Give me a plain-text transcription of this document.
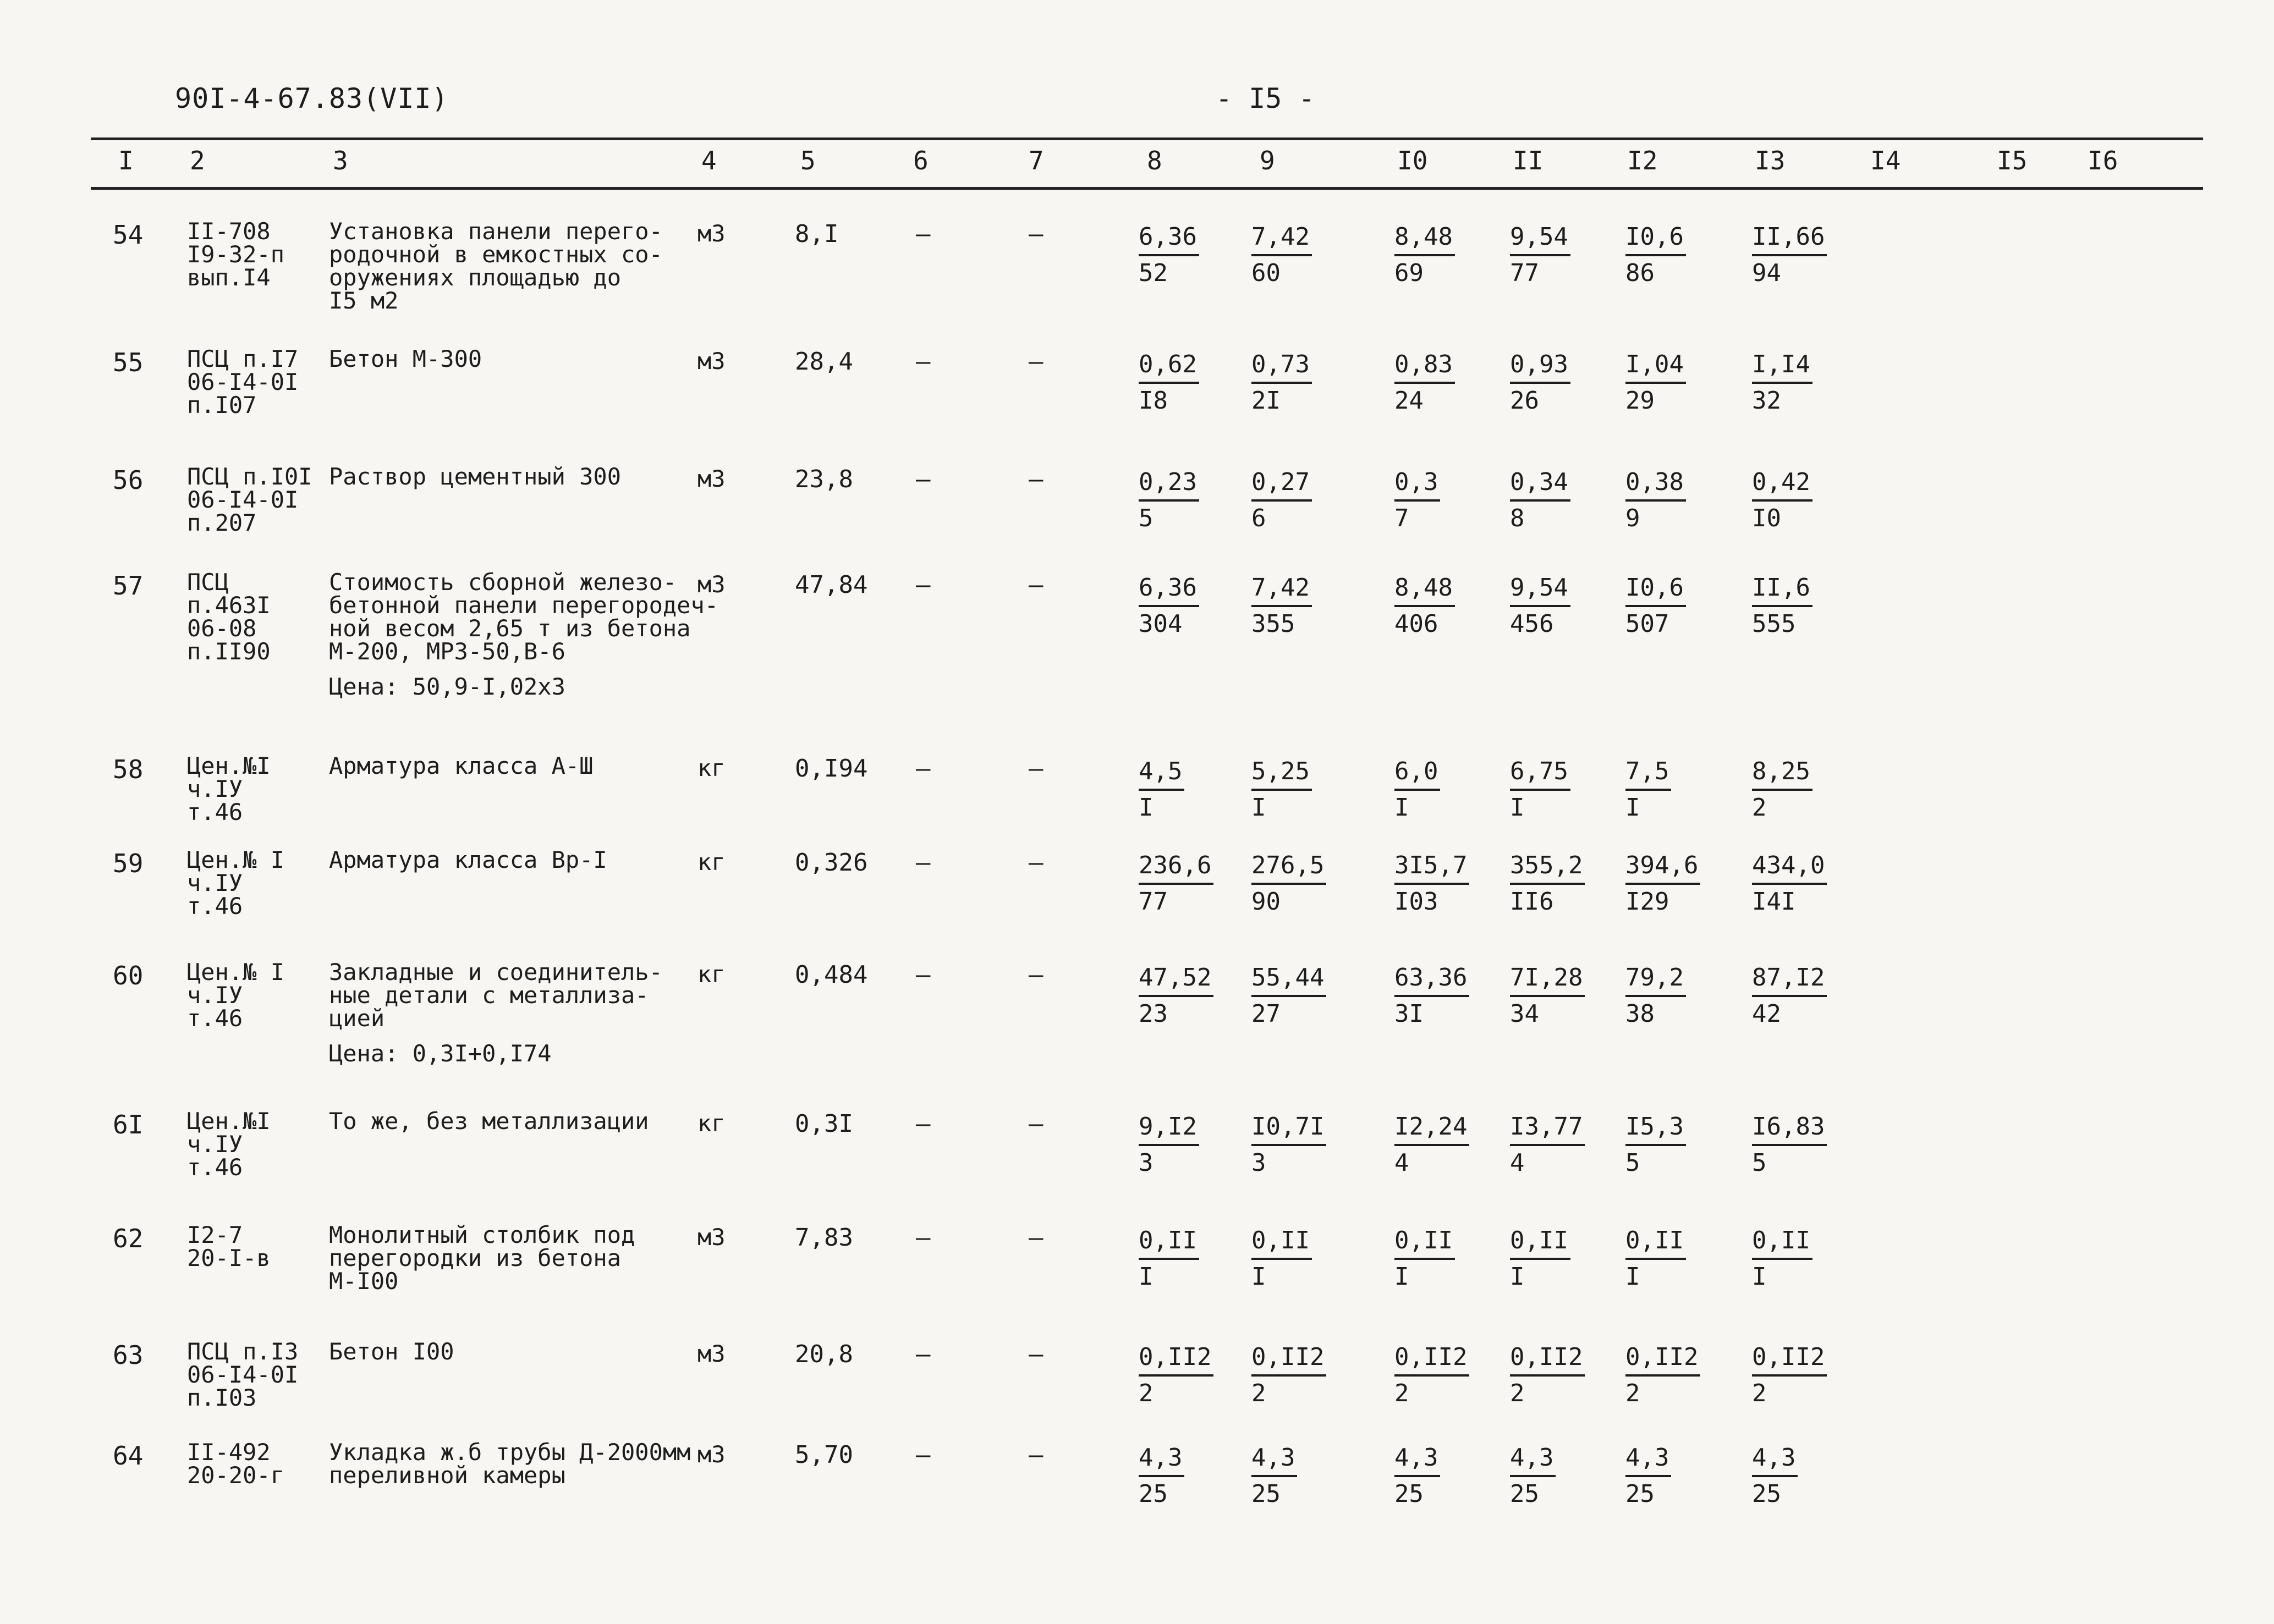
90I-4-67.83(VII)	- I5 -
I 2	3	4	5	6	7	8	9	I0	II	I2	I3	I4	I5 I6
54 II-708
I9-32-п
вып.I4
Установка панели перего-
родочной в емкостных со-
оружениях площадью до
I5 м2
м3	8,I	–	–	$\frac{6,36}{52} \frac{7,42}{60}$	$\frac{8,48}{69} \frac{9,54}{77} \frac{I0,6}{86}$	$\frac{II,66}{94}$
55 ПСЦ п.I7
06-I4-0I
п.I07
Бетон М-300	м3	28,4	–	–	$\frac{0,62}{I8} \frac{0,73}{2I}$	$\frac{0,83}{24} \frac{0,93}{26} \frac{I,04}{29}$	$\frac{I,I4}{32}$
56 ПСЦ п.I0I
06-I4-0I
п.207
Раствор цементный 300	м3	23,8	–	–	$\frac{0,23}{5} \frac{0,27}{6}$	$\frac{0,3}{7}$	$\frac{0,34}{8} \frac{0,38}{9}$	$\frac{0,42}{I0}$
57 ПСЦ
п.463I
06-08
п.II90
Стоимость сборной железо-
бетонной панели перегородеч-
ной весом 2,65 т из бетона
М-200, МРЗ-50,В-6
Цена: 50,9-I,02х3
м3	47,84 –	–	$\frac{6,36}{304} \frac{7,42}{355}$	$\frac{8,48}{406} \frac{9,54}{456} \frac{I0,6}{507}$	$\frac{II,6}{555}$
58 Цен.№I
ч.IУ
т.46
Арматура класса А-Ш	кг	0,I94 –	–	$\frac{4,5}{I}$	$\frac{5,25}{I}$	$\frac{6,0}{I}$	$\frac{6,75}{I} \frac{7,5}{I}$	$\frac{8,25}{2}$
59 Цен.№ I
ч.IУ
т.46
Арматура класса Вр-I	кг	0,326 –	–	$\frac{236,6}{77} \frac{276,5}{90}$	$\frac{3I5,7}{I03} \frac{355,2}{II6} \frac{394,6}{I29} \frac{434,0}{I4I}$
60 Цен.№ I
ч.IУ
т.46
Закладные и соединитель-
ные детали с металлиза-
цией
Цена: 0,3I+0,I74
кг	0,484 –	–	$\frac{47,52}{23} \frac{55,44}{27}$	$\frac{63,36}{3I} \frac{7I,28}{34} \frac{79,2}{38}$	$\frac{87,I2}{42}$
6I Цен.№I
ч.IУ
т.46
То же, без металлизации	кг	0,3I	–	–	$\frac{9,I2}{3} \frac{I0,7I}{3}$	$\frac{I2,24}{4} \frac{I3,77}{4} \frac{I5,3}{5}$	$\frac{I6,83}{5}$
62 I2-7
20-I-в
Монолитный столбик под
перегородки из бетона
М-I00
м3	7,83	–	–	$\frac{0,II}{I} \frac{0,II}{I}$	$\frac{0,II}{I} \frac{0,II}{I} \frac{0,II}{I}$	$\frac{0,II}{I}$
63 ПСЦ п.I3
06-I4-0I
п.I03
Бетон I00	м3	20,8	–	–	$\frac{0,II2}{2} \frac{0,II2}{2}$	$\frac{0,II2}{2} \frac{0,II2}{2} \frac{0,II2}{2} \frac{0,II2}{2}$
64 II-492
20-20-г
Укладка ж.б трубы Д-2000мм
переливной камеры
м3	5,70	–	–	$\frac{4,3}{25}$	$\frac{4,3}{25}$	$\frac{4,3}{25}$	$\frac{4,3}{25}$	$\frac{4,3}{25}$	$\frac{4,3}{25}$
